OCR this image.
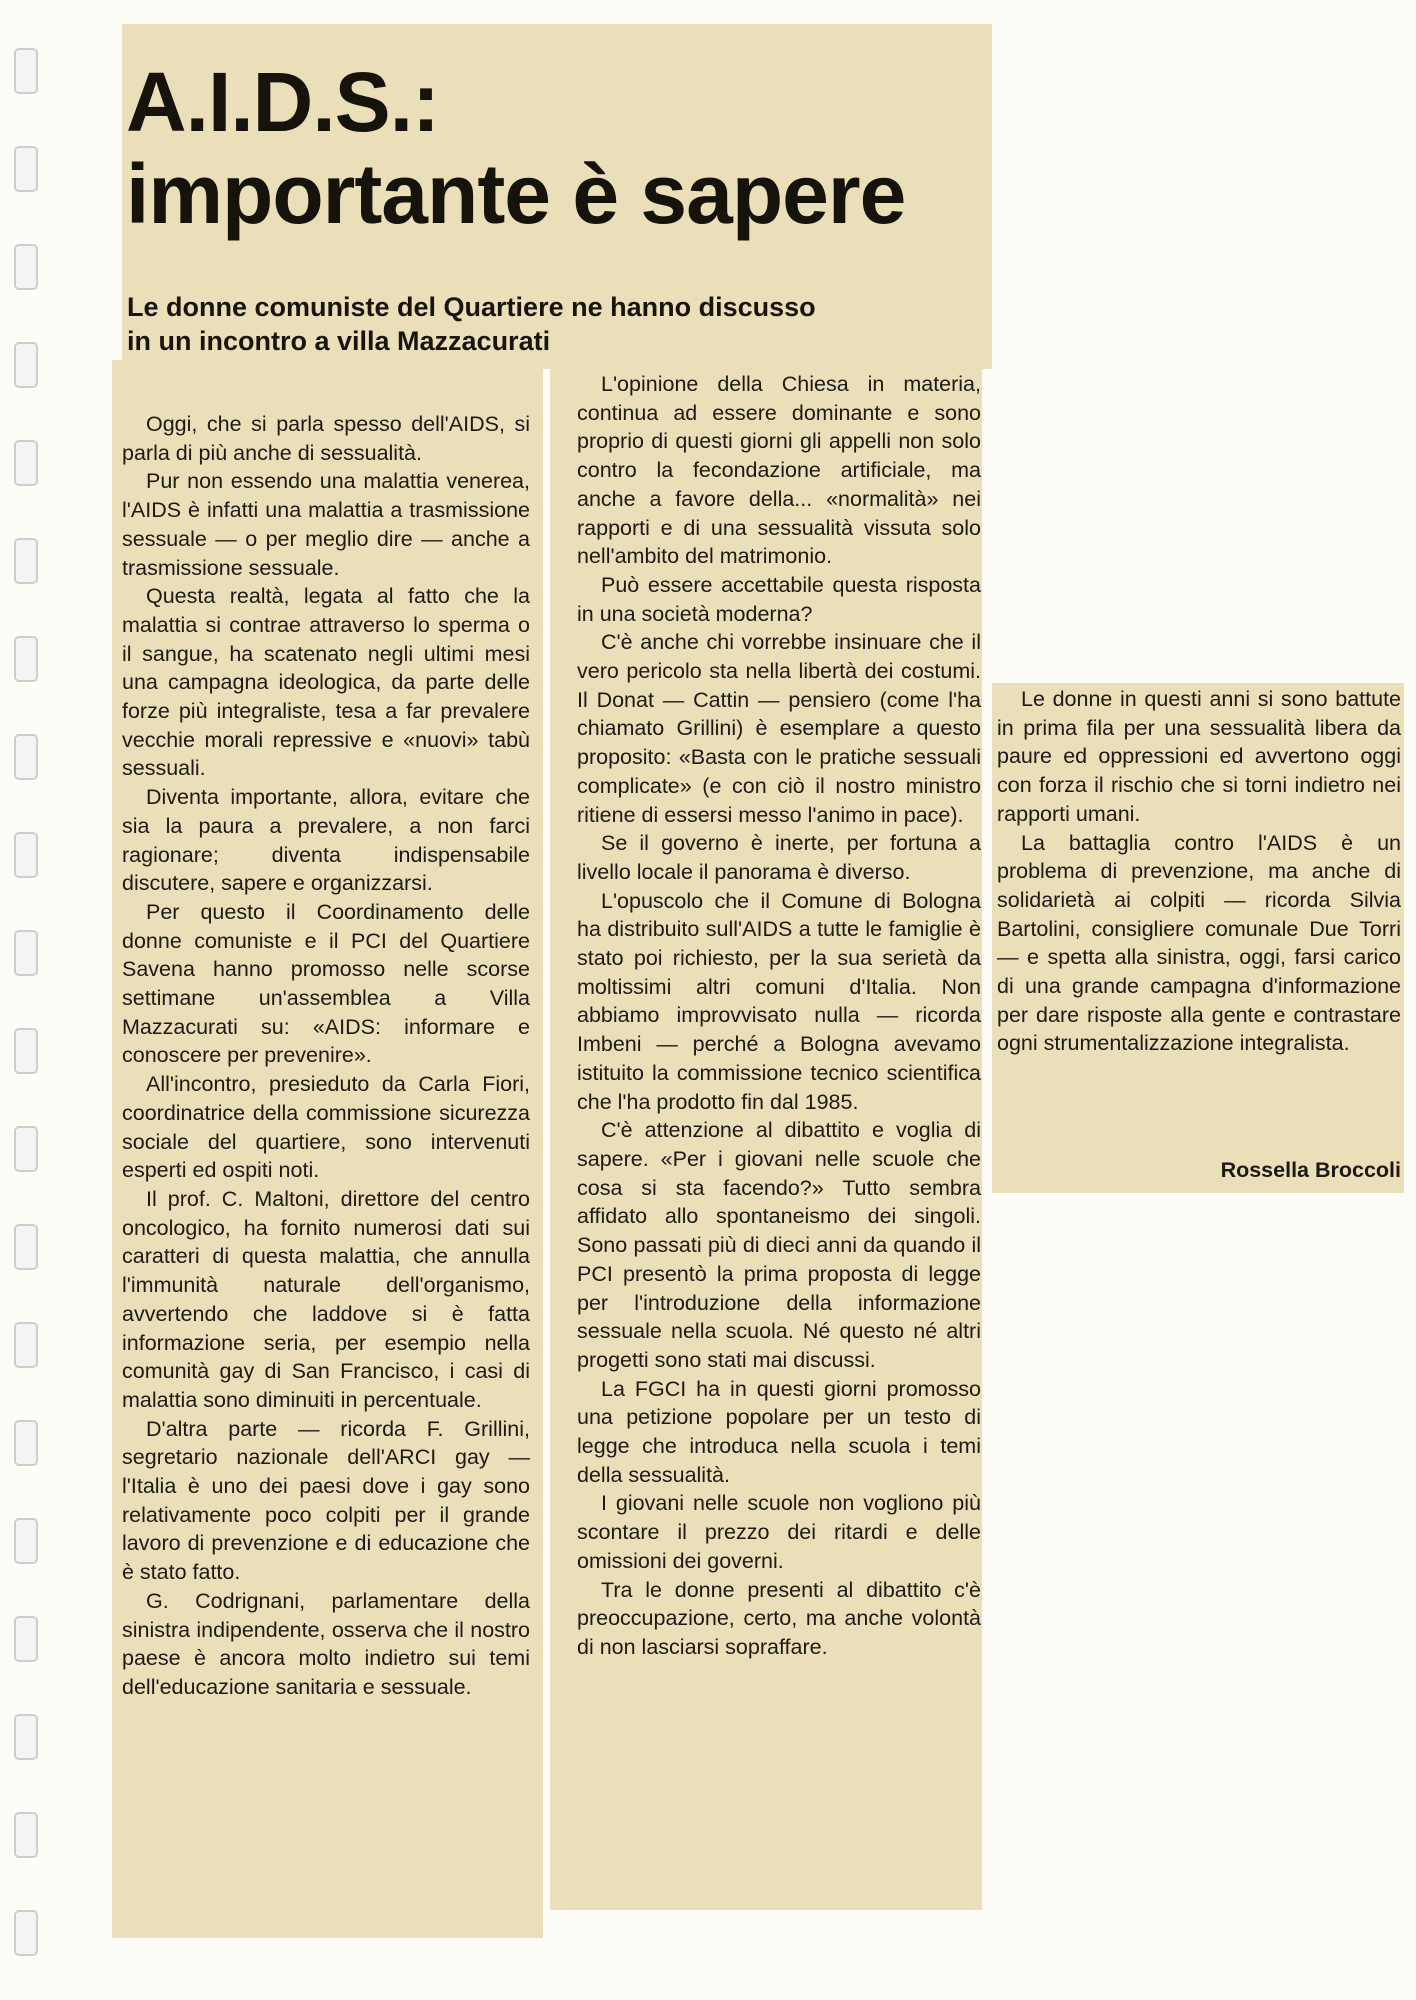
A.I.D.S.:
importante è sapere
Le donne comuniste del Quartiere ne hanno discusso
in un incontro a villa Mazzacurati

Oggi, che si parla spesso dell'AIDS, si parla di più anche di sessualità.

Pur non essendo una malattia venerea, l'AIDS è infatti una malattia a trasmissione sessuale — o per meglio dire — anche a trasmissione sessuale.

Questa realtà, legata al fatto che la malattia si contrae attraverso lo sperma o il sangue, ha scatenato negli ultimi mesi una campagna ideologica, da parte delle forze più integraliste, tesa a far prevalere vecchie morali repressive e «nuovi» tabù sessuali.

Diventa importante, allora, evitare che sia la paura a prevalere, a non farci ragionare; diventa indispensabile discutere, sapere e organizzarsi.

Per questo il Coordinamento delle donne comuniste e il PCI del Quartiere Savena hanno promosso nelle scorse settimane un'assemblea a Villa Mazzacurati su: «AIDS: informare e conoscere per prevenire».

All'incontro, presieduto da Carla Fiori, coordinatrice della commissione sicurezza sociale del quartiere, sono intervenuti esperti ed ospiti noti.

Il prof. C. Maltoni, direttore del centro oncologico, ha fornito numerosi dati sui caratteri di questa malattia, che annulla l'immunità naturale dell'organismo, avvertendo che laddove si è fatta informazione seria, per esempio nella comunità gay di San Francisco, i casi di malattia sono diminuiti in percentuale.

D'altra parte — ricorda F. Grillini, segretario nazionale dell'ARCI gay — l'Italia è uno dei paesi dove i gay sono relativamente poco colpiti per il grande lavoro di prevenzione e di educazione che è stato fatto.

G. Codrignani, parlamentare della sinistra indipendente, osserva che il nostro paese è ancora molto indietro sui temi dell'educazione sanitaria e sessuale.

L'opinione della Chiesa in materia, continua ad essere dominante e sono proprio di questi giorni gli appelli non solo contro la fecondazione artificiale, ma anche a favore della... «normalità» nei rapporti e di una sessualità vissuta solo nell'ambito del matrimonio.

Può essere accettabile questa risposta in una società moderna?

C'è anche chi vorrebbe insinuare che il vero pericolo sta nella libertà dei costumi. Il Donat — Cattin — pensiero (come l'ha chiamato Grillini) è esemplare a questo proposito: «Basta con le pratiche sessuali complicate» (e con ciò il nostro ministro ritiene di essersi messo l'animo in pace).

Se il governo è inerte, per fortuna a livello locale il panorama è diverso.

L'opuscolo che il Comune di Bologna ha distribuito sull'AIDS a tutte le famiglie è stato poi richiesto, per la sua serietà da moltissimi altri comuni d'Italia. Non abbiamo improvvisato nulla — ricorda Imbeni — perché a Bologna avevamo istituito la commissione tecnico scientifica che l'ha prodotto fin dal 1985.

C'è attenzione al dibattito e voglia di sapere. «Per i giovani nelle scuole che cosa si sta facendo?» Tutto sembra affidato allo spontaneismo dei singoli. Sono passati più di dieci anni da quando il PCI presentò la prima proposta di legge per l'introduzione della informazione sessuale nella scuola. Né questo né altri progetti sono stati mai discussi.

La FGCI ha in questi giorni promosso una petizione popolare per un testo di legge che introduca nella scuola i temi della sessualità.

I giovani nelle scuole non vogliono più scontare il prezzo dei ritardi e delle omissioni dei governi.

Tra le donne presenti al dibattito c'è preoccupazione, certo, ma anche volontà di non lasciarsi sopraffare.

Le donne in questi anni si sono battute in prima fila per una sessualità libera da paure ed oppressioni ed avvertono oggi con forza il rischio che si torni indietro nei rapporti umani.

La battaglia contro l'AIDS è un problema di prevenzione, ma anche di solidarietà ai colpiti — ricorda Silvia Bartolini, consigliere comunale Due Torri — e spetta alla sinistra, oggi, farsi carico di una grande campagna d'informazione per dare risposte alla gente e contrastare ogni strumentalizzazione integralista.

Rossella Broccoli
